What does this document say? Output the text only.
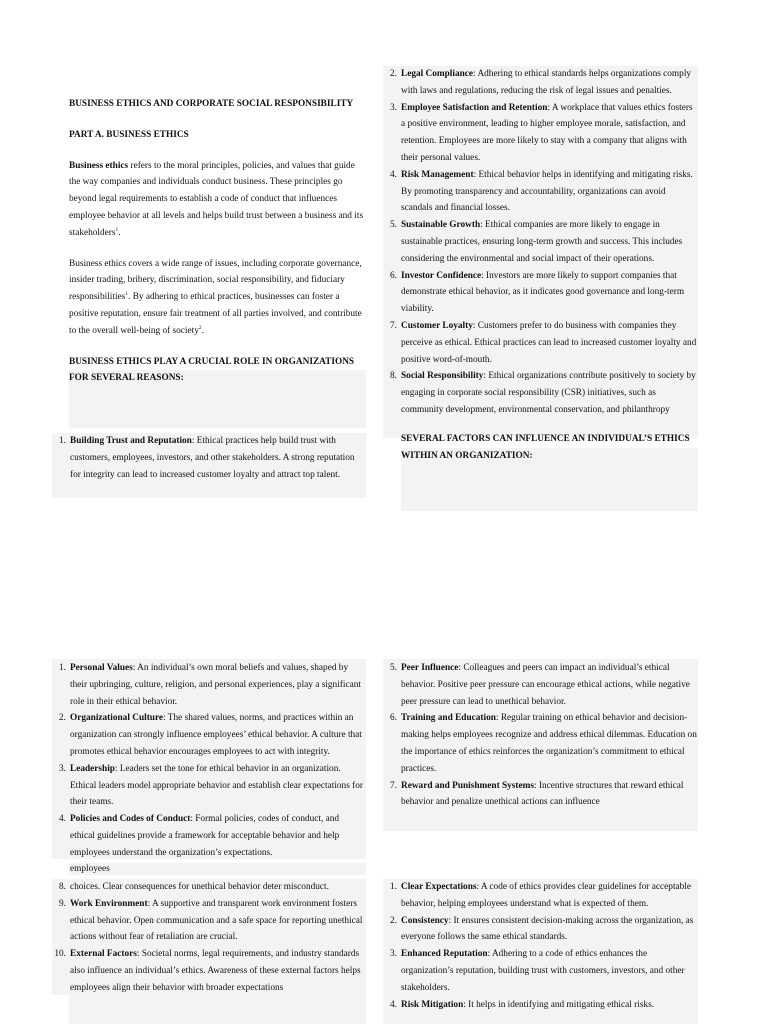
BUSINESS ETHICS AND CORPORATE SOCIAL RESPONSIBILITY

PART A. BUSINESS ETHICS

Business ethics refers to the moral principles, policies, and values that guide the way companies and individuals conduct business. These principles go beyond legal requirements to establish a code of conduct that influences employee behavior at all levels and helps build trust between a business and its stakeholders$^1$.

Business ethics covers a wide range of issues, including corporate governance, insider trading, bribery, discrimination, social responsibility, and fiduciary responsibilities$^1$. By adhering to ethical practices, businesses can foster a positive reputation, ensure fair treatment of all parties involved, and contribute to the overall well-being of society$^2$.

BUSINESS ETHICS PLAY A CRUCIAL ROLE IN ORGANIZATIONS FOR SEVERAL REASONS:

1. Building Trust and Reputation: Ethical practices help build trust with customers, employees, investors, and other stakeholders. A strong reputation for integrity can lead to increased customer loyalty and attract top talent.

2. Legal Compliance: Adhering to ethical standards helps organizations comply with laws and regulations, reducing the risk of legal issues and penalties.

3. Employee Satisfaction and Retention: A workplace that values ethics fosters a positive environment, leading to higher employee morale, satisfaction, and retention. Employees are more likely to stay with a company that aligns with their personal values.

4. Risk Management: Ethical behavior helps in identifying and mitigating risks. By promoting transparency and accountability, organizations can avoid scandals and financial losses.

5. Sustainable Growth: Ethical companies are more likely to engage in sustainable practices, ensuring long-term growth and success. This includes considering the environmental and social impact of their operations.

6. Investor Confidence: Investors are more likely to support companies that demonstrate ethical behavior, as it indicates good governance and long-term viability.

7. Customer Loyalty: Customers prefer to do business with companies they perceive as ethical. Ethical practices can lead to increased customer loyalty and positive word-of-mouth.

8. Social Responsibility: Ethical organizations contribute positively to society by engaging in corporate social responsibility (CSR) initiatives, such as community development, environmental conservation, and philanthropy

SEVERAL FACTORS CAN INFLUENCE AN INDIVIDUAL’S ETHICS WITHIN AN ORGANIZATION:

1. Personal Values: An individual’s own moral beliefs and values, shaped by their upbringing, culture, religion, and personal experiences, play a significant role in their ethical behavior.

2. Organizational Culture: The shared values, norms, and practices within an organization can strongly influence employees’ ethical behavior. A culture that promotes ethical behavior encourages employees to act with integrity.

3. Leadership: Leaders set the tone for ethical behavior in an organization. Ethical leaders model appropriate behavior and establish clear expectations for their teams.

4. Policies and Codes of Conduct: Formal policies, codes of conduct, and ethical guidelines provide a framework for acceptable behavior and help employees understand the organization’s expectations.

employees

8. choices. Clear consequences for unethical behavior deter misconduct.

9. Work Environment: A supportive and transparent work environment fosters ethical behavior. Open communication and a safe space for reporting unethical actions without fear of retaliation are crucial.

10. External Factors: Societal norms, legal requirements, and industry standards also influence an individual’s ethics. Awareness of these external factors helps employees align their behavior with broader expectations

5. Peer Influence: Colleagues and peers can impact an individual’s ethical behavior. Positive peer pressure can encourage ethical actions, while negative peer pressure can lead to unethical behavior.

6. Training and Education: Regular training on ethical behavior and decision-making helps employees recognize and address ethical dilemmas. Education on the importance of ethics reinforces the organization’s commitment to ethical practices.

7. Reward and Punishment Systems: Incentive structures that reward ethical behavior and penalize unethical actions can influence

1. Clear Expectations: A code of ethics provides clear guidelines for acceptable behavior, helping employees understand what is expected of them.

2. Consistency: It ensures consistent decision-making across the organization, as everyone follows the same ethical standards.

3. Enhanced Reputation: Adhering to a code of ethics enhances the organization’s reputation, building trust with customers, investors, and other stakeholders.

4. Risk Mitigation: It helps in identifying and mitigating ethical risks.
